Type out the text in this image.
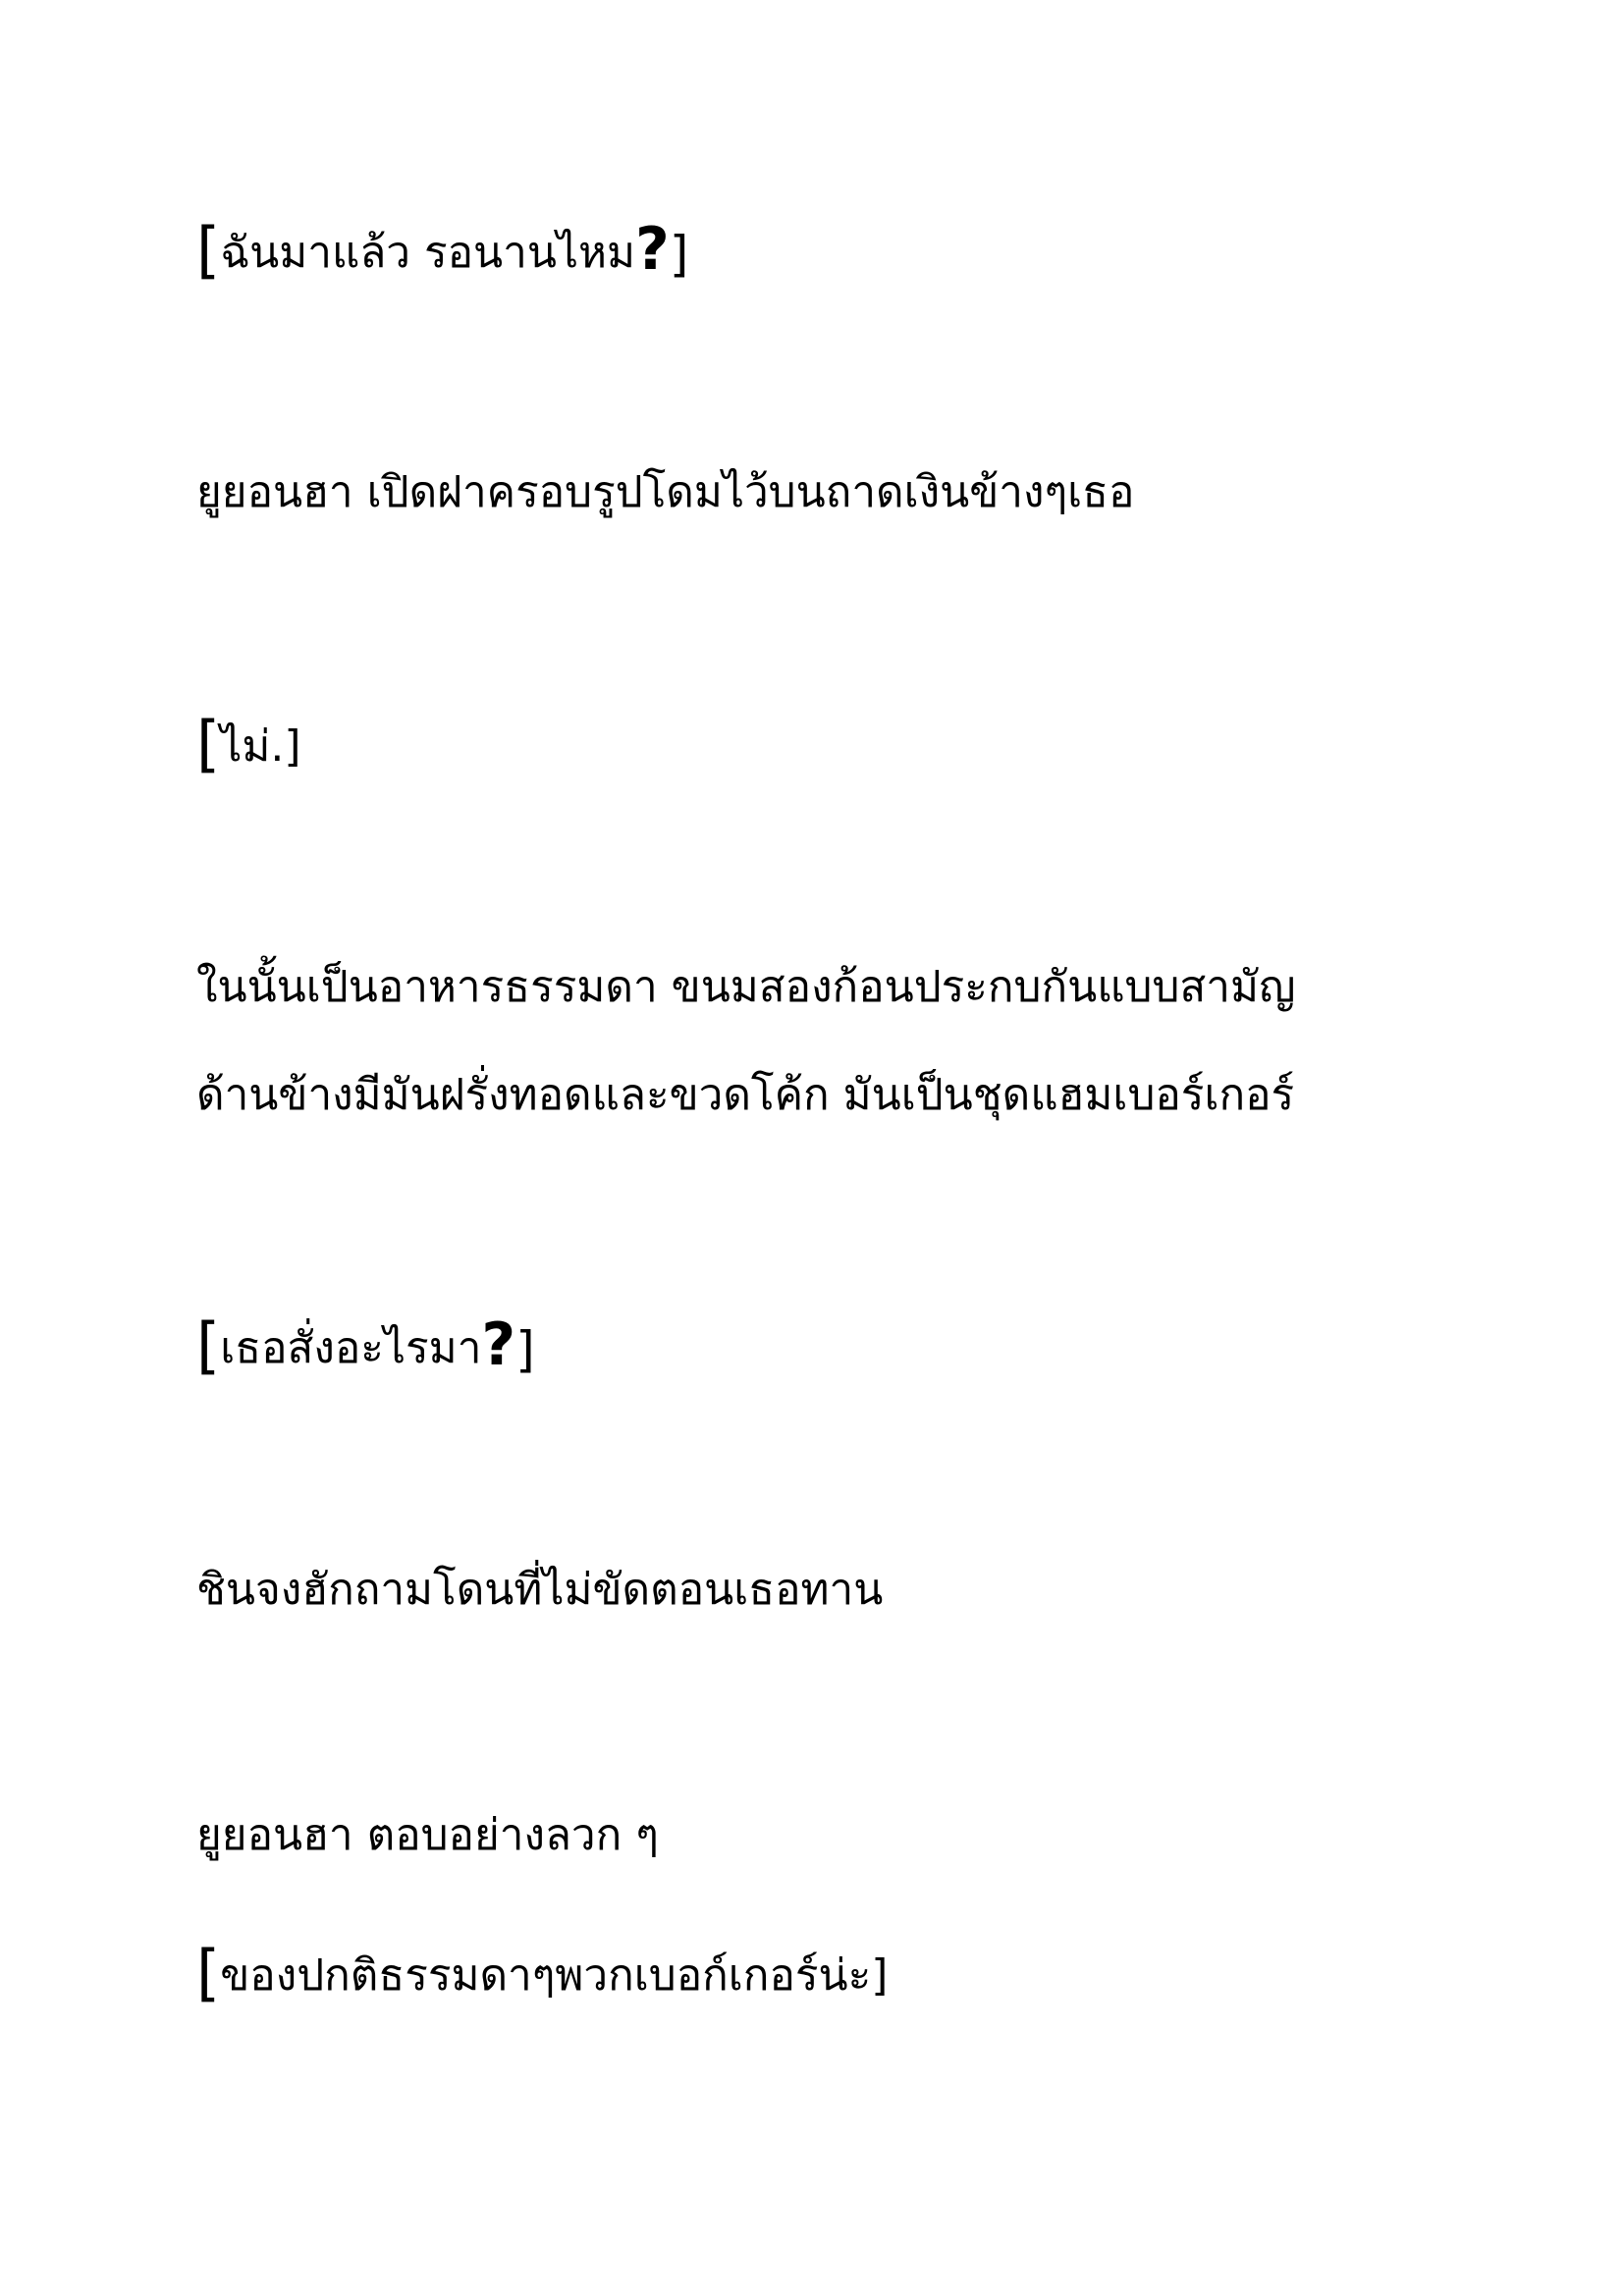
[ฉันมาแล้ว รอนานไหม?]
ยูยอนฮา เปิดฝาครอบรูปโดมไว้บนถาดเงินข้างๆเธอ
[ไม่.]
ในนั้นเป็นอาหารธรรมดา ขนมสองก้อนประกบกันแบบสามัญ
ด้านข้างมีมันฝรั่งทอดและขวดโค้ก มันเป็นชุดแฮมเบอร์เกอร์
[เธอสั่งอะไรมา?]
ชินจงฮักถามโดนที่ไม่ขัดตอนเธอทาน
ยูยอนฮา ตอบอย่างลวก ๆ
[ของปกติธรรมดาๆพวกเบอก์เกอร์น่ะ]
